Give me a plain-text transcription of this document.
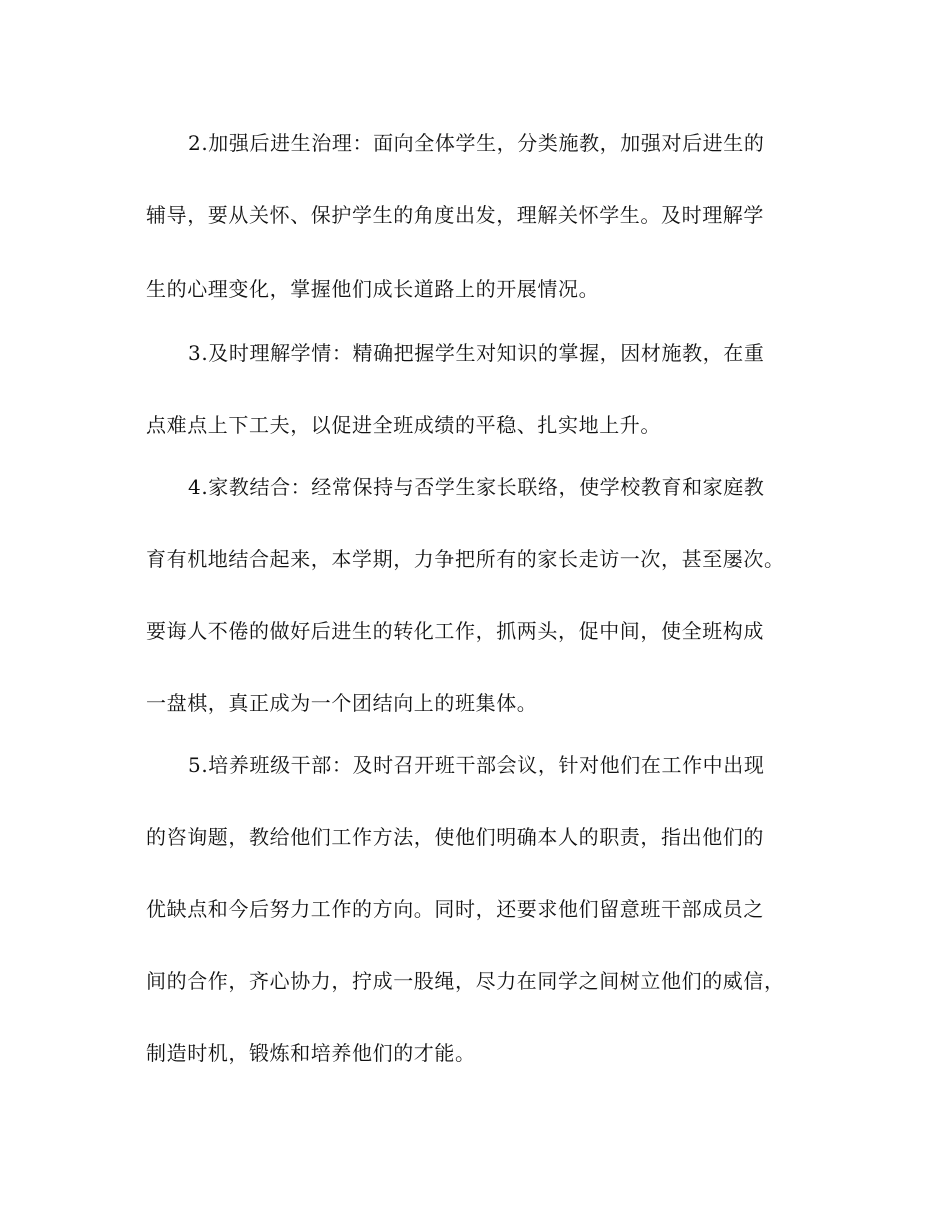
2.加强后进生治理：面向全体学生，分类施教，加强对后进生的
辅导，要从关怀、保护学生的角度出发，理解关怀学生。及时理解学
生的心理变化，掌握他们成长道路上的开展情况。
3.及时理解学情：精确把握学生对知识的掌握，因材施教，在重
点难点上下工夫，以促进全班成绩的平稳、扎实地上升。
4.家教结合：经常保持与否学生家长联络，使学校教育和家庭教
育有机地结合起来，本学期，力争把所有的家长走访一次，甚至屡次。
要诲人不倦的做好后进生的转化工作，抓两头，促中间，使全班构成
一盘棋，真正成为一个团结向上的班集体。
5.培养班级干部：及时召开班干部会议，针对他们在工作中出现
的咨询题，教给他们工作方法，使他们明确本人的职责，指出他们的
优缺点和今后努力工作的方向。同时，还要求他们留意班干部成员之
间的合作，齐心协力，拧成一股绳，尽力在同学之间树立他们的威信，
制造时机，锻炼和培养他们的才能。
